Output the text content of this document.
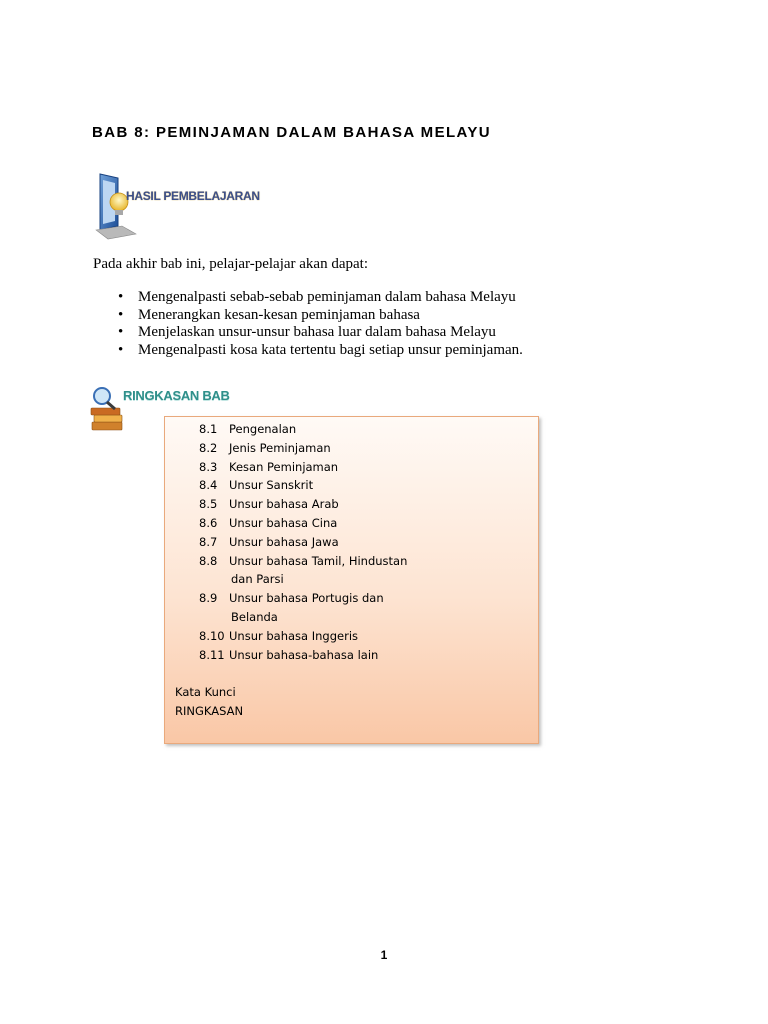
BAB 8: PEMINJAMAN DALAM BAHASA MELAYU
HASIL PEMBELAJARAN
Pada akhir bab ini, pelajar-pelajar akan dapat:
• Mengenalpasti sebab-sebab peminjaman dalam bahasa Melayu
• Menerangkan kesan-kesan peminjaman bahasa
• Menjelaskan unsur-unsur bahasa luar dalam bahasa Melayu
• Mengenalpasti kosa kata tertentu bagi setiap unsur peminjaman.
RINGKASAN BAB
8.1	Pengenalan
8.2	Jenis Peminjaman
8.3	Kesan Peminjaman
8.4	Unsur Sanskrit
8.5	Unsur bahasa Arab
8.6	Unsur bahasa Cina
8.7	Unsur bahasa Jawa
8.8	Unsur bahasa Tamil, Hindustan
dan Parsi
8.9	Unsur bahasa Portugis dan
Belanda
8.10 Unsur bahasa Inggeris
8.11 Unsur bahasa-bahasa lain
Kata Kunci
RINGKASAN
1
